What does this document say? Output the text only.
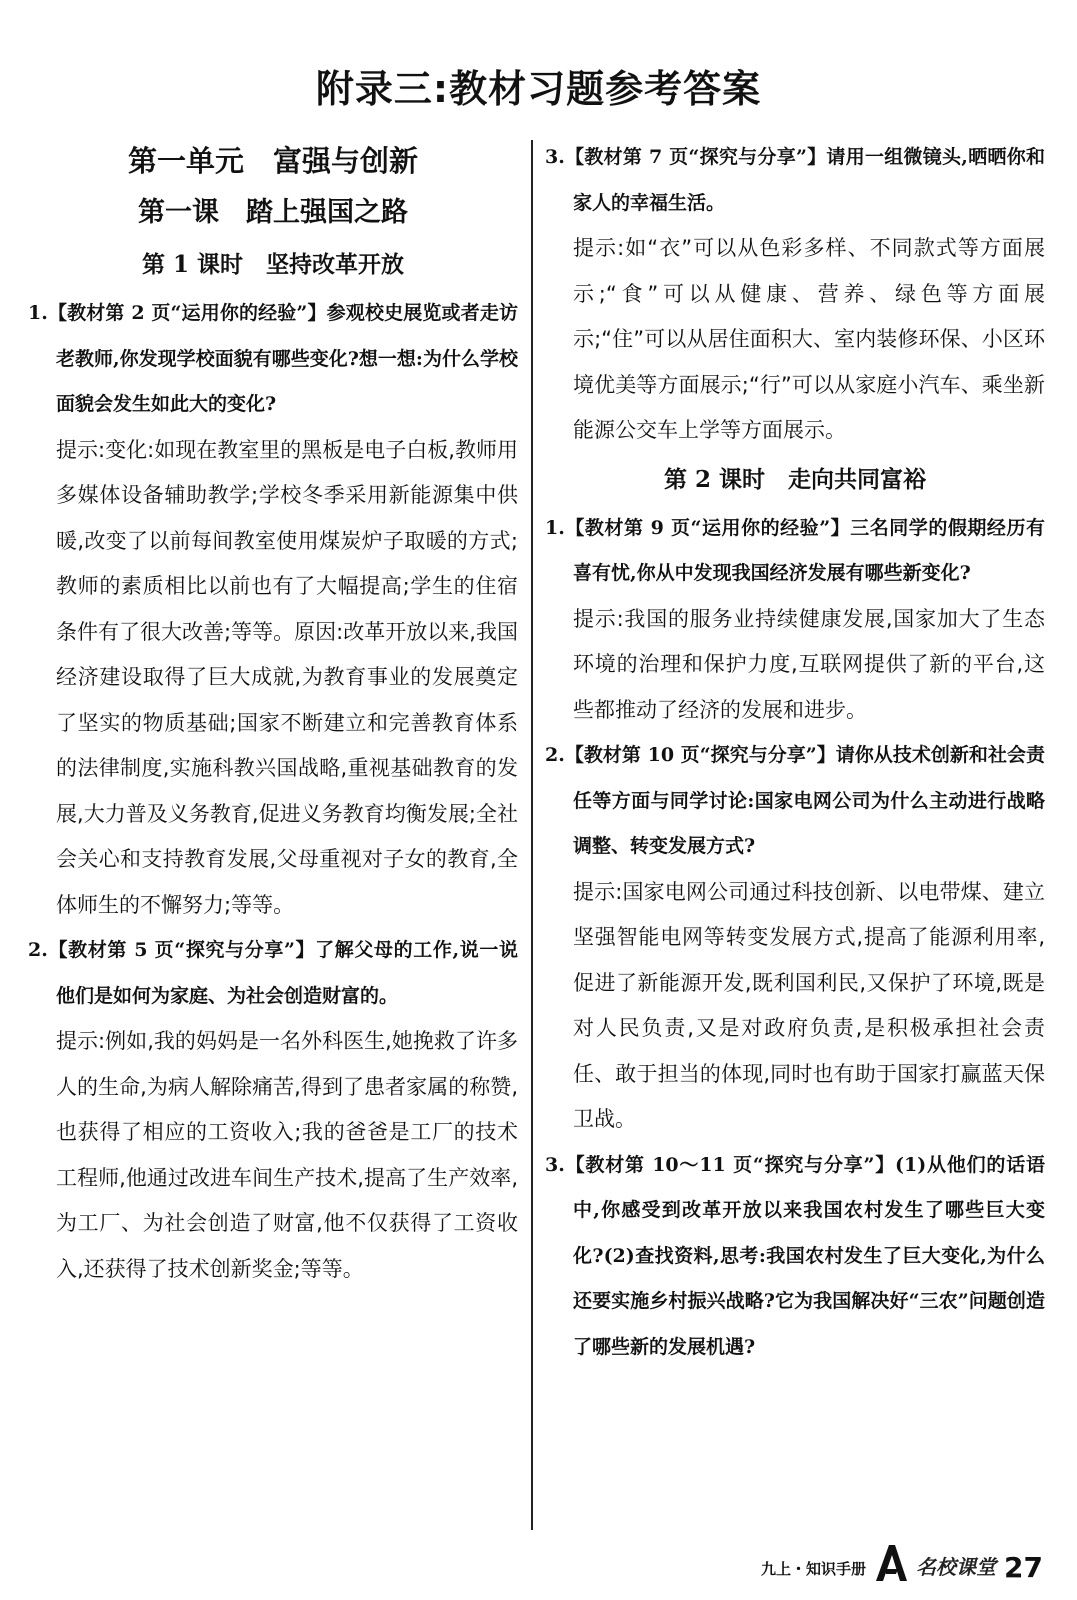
附录三:教材习题参考答案
第一单元　富强与创新
第一课　踏上强国之路
第 1 课时　坚持改革开放

1.【教材第 2 页“运用你的经验”】参观校史展览或者走访老教师,你发现学校面貌有哪些变化?想一想:为什么学校面貌会发生如此大的变化?

提示:变化:如现在教室里的黑板是电子白板,教师用多媒体设备辅助教学;学校冬季采用新能源集中供暖,改变了以前每间教室使用煤炭炉子取暖的方式;教师的素质相比以前也有了大幅提高;学生的住宿条件有了很大改善;等等。原因:改革开放以来,我国经济建设取得了巨大成就,为教育事业的发展奠定了坚实的物质基础;国家不断建立和完善教育体系的法律制度,实施科教兴国战略,重视基础教育的发展,大力普及义务教育,促进义务教育均衡发展;全社会关心和支持教育发展,父母重视对子女的教育,全体师生的不懈努力;等等。

2.【教材第 5 页“探究与分享”】了解父母的工作,说一说他们是如何为家庭、为社会创造财富的。

提示:例如,我的妈妈是一名外科医生,她挽救了许多人的生命,为病人解除痛苦,得到了患者家属的称赞,也获得了相应的工资收入;我的爸爸是工厂的技术工程师,他通过改进车间生产技术,提高了生产效率,为工厂、为社会创造了财富,他不仅获得了工资收入,还获得了技术创新奖金;等等。

3.【教材第 7 页“探究与分享”】请用一组微镜头,晒晒你和家人的幸福生活。

提示:如“衣”可以从色彩多样、不同款式等方面展示;“食”可以从健康、营养、绿色等方面展示;“住”可以从居住面积大、室内装修环保、小区环境优美等方面展示;“行”可以从家庭小汽车、乘坐新能源公交车上学等方面展示。

第 2 课时　走向共同富裕

1.【教材第 9 页“运用你的经验”】三名同学的假期经历有喜有忧,你从中发现我国经济发展有哪些新变化?

提示:我国的服务业持续健康发展,国家加大了生态环境的治理和保护力度,互联网提供了新的平台,这些都推动了经济的发展和进步。

2.【教材第 10 页“探究与分享”】请你从技术创新和社会责任等方面与同学讨论:国家电网公司为什么主动进行战略调整、转变发展方式?

提示:国家电网公司通过科技创新、以电带煤、建立坚强智能电网等转变发展方式,提高了能源利用率,促进了新能源开发,既利国利民,又保护了环境,既是对人民负责,又是对政府负责,是积极承担社会责任、敢于担当的体现,同时也有助于国家打赢蓝天保卫战。

3.【教材第 10～11 页“探究与分享”】(1)从他们的话语中,你感受到改革开放以来我国农村发生了哪些巨大变化?(2)查找资料,思考:我国农村发生了巨大变化,为什么还要实施乡村振兴战略?它为我国解决好“三农”问题创造了哪些新的发展机遇?

九上・知识手册	名校课堂 27
